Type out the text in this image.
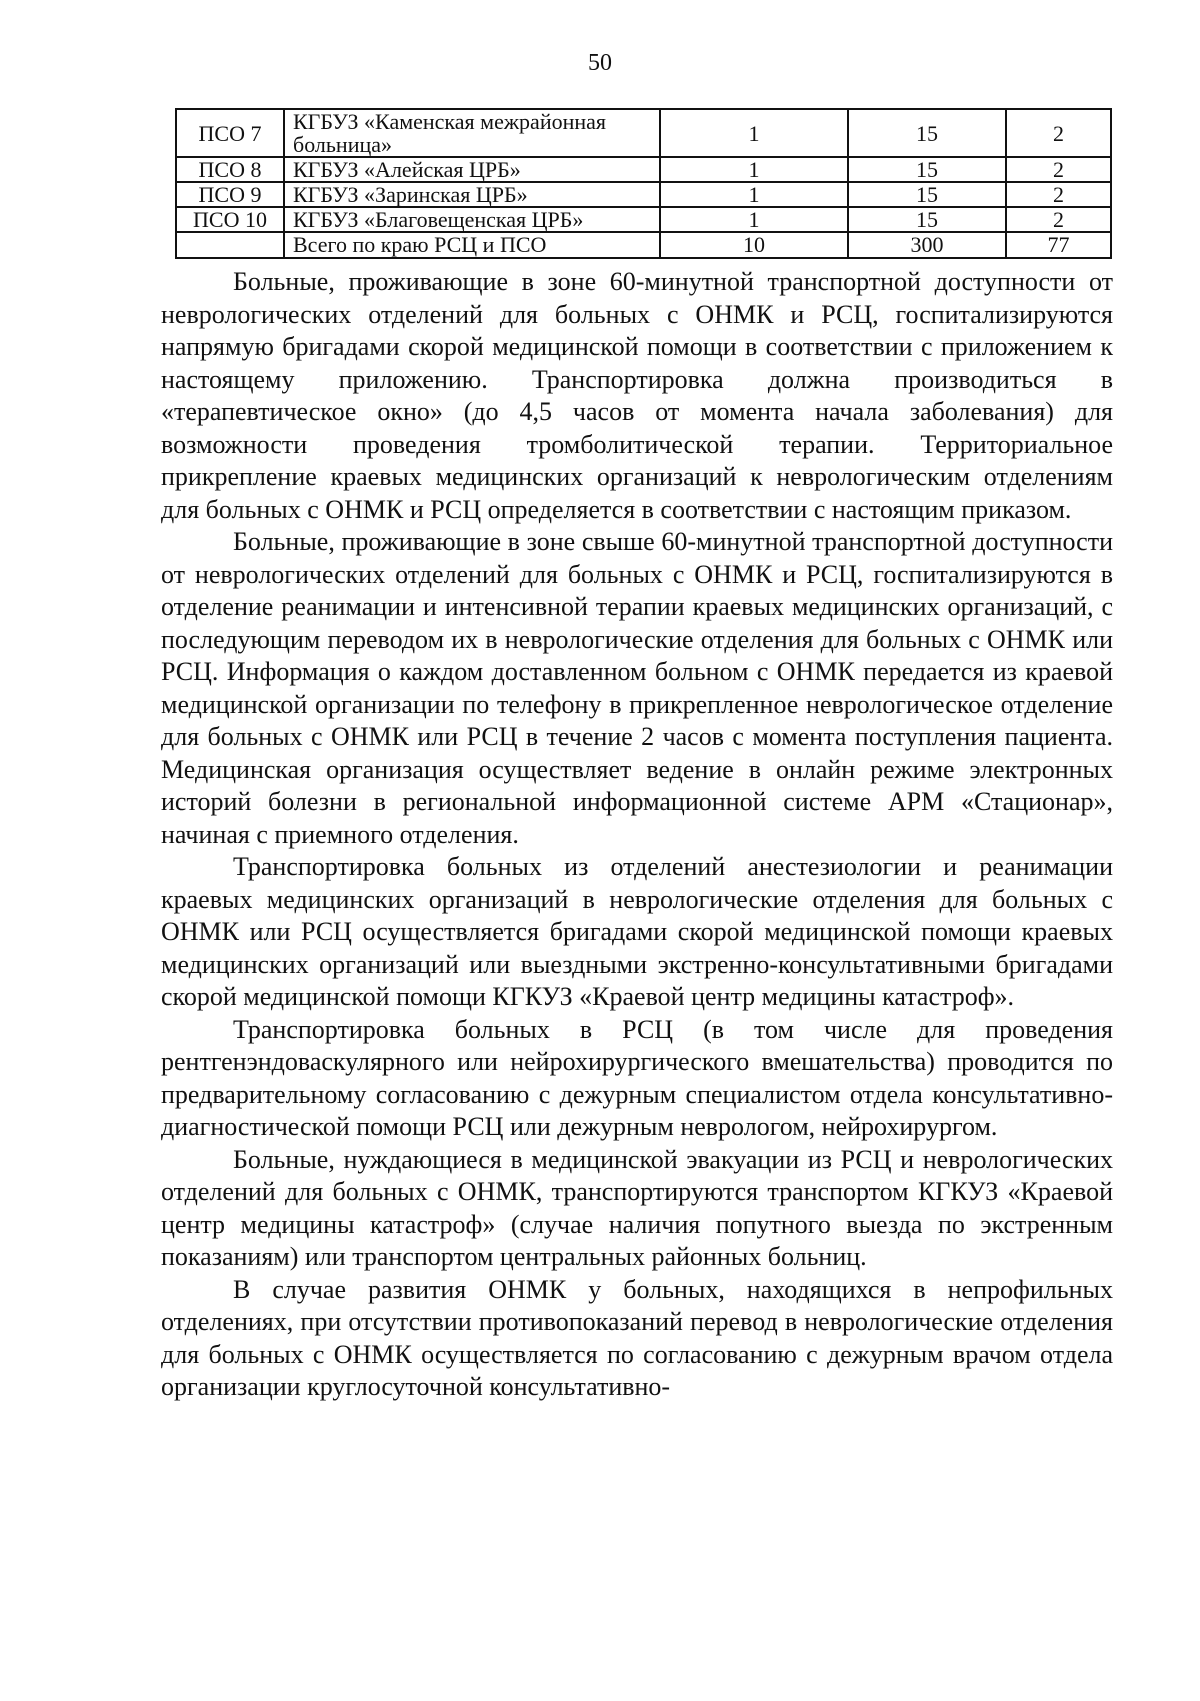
50
ПСО 7	КГБУЗ «Каменская межрайонная больница»	1	15	2
ПСО 8	КГБУЗ «Алейская ЦРБ»	1	15	2
ПСО 9	КГБУЗ «Заринская ЦРБ»	1	15	2
ПСО 10	КГБУЗ «Благовещенская ЦРБ»	1	15	2
	Всего по краю РСЦ и ПСО	10	300	77

Больные, проживающие в зоне 60-минутной транспортной доступности от неврологических отделений для больных с ОНМК и РСЦ, госпитализируются напрямую бригадами скорой медицинской помощи в соответствии с приложением к настоящему приложению. Транспортировка должна производиться в «терапевтическое окно» (до 4,5 часов от момента начала заболевания) для возможности проведения тромболитической терапии. Территориальное прикрепление краевых медицинских организаций к неврологическим отделениям для больных с ОНМК и РСЦ определяется в соответствии с настоящим приказом.

Больные, проживающие в зоне свыше 60-минутной транспортной доступности от неврологических отделений для больных с ОНМК и РСЦ, госпитализируются в отделение реанимации и интенсивной терапии краевых медицинских организаций, с последующим переводом их в неврологические отделения для больных с ОНМК или РСЦ. Информация о каждом доставленном больном с ОНМК передается из краевой медицинской организации по телефону в прикрепленное неврологическое отделение для больных с ОНМК или РСЦ в течение 2 часов с момента поступления пациента. Медицинская организация осуществляет ведение в онлайн режиме электронных историй болезни в региональной информационной системе АРМ «Стационар», начиная с приемного отделения.

Транспортировка больных из отделений анестезиологии и реанимации краевых медицинских организаций в неврологические отделения для больных с ОНМК или РСЦ осуществляется бригадами скорой медицинской помощи краевых медицинских организаций или выездными экстренно-консультативными бригадами скорой медицинской помощи КГКУЗ «Краевой центр медицины катастроф».

Транспортировка больных в РСЦ (в том числе для проведения рентгенэндоваскулярного или нейрохирургического вмешательства) проводится по предварительному согласованию с дежурным специалистом отдела консультативно-диагностической помощи РСЦ или дежурным неврологом, нейрохирургом.

Больные, нуждающиеся в медицинской эвакуации из РСЦ и неврологических отделений для больных с ОНМК, транспортируются транспортом КГКУЗ «Краевой центр медицины катастроф» (случае наличия попутного выезда по экстренным показаниям) или транспортом центральных районных больниц.

В случае развития ОНМК у больных, находящихся в непрофильных отделениях, при отсутствии противопоказаний перевод в неврологические отделения для больных с ОНМК осуществляется по согласованию с дежурным врачом отдела организации круглосуточной консультативно-
